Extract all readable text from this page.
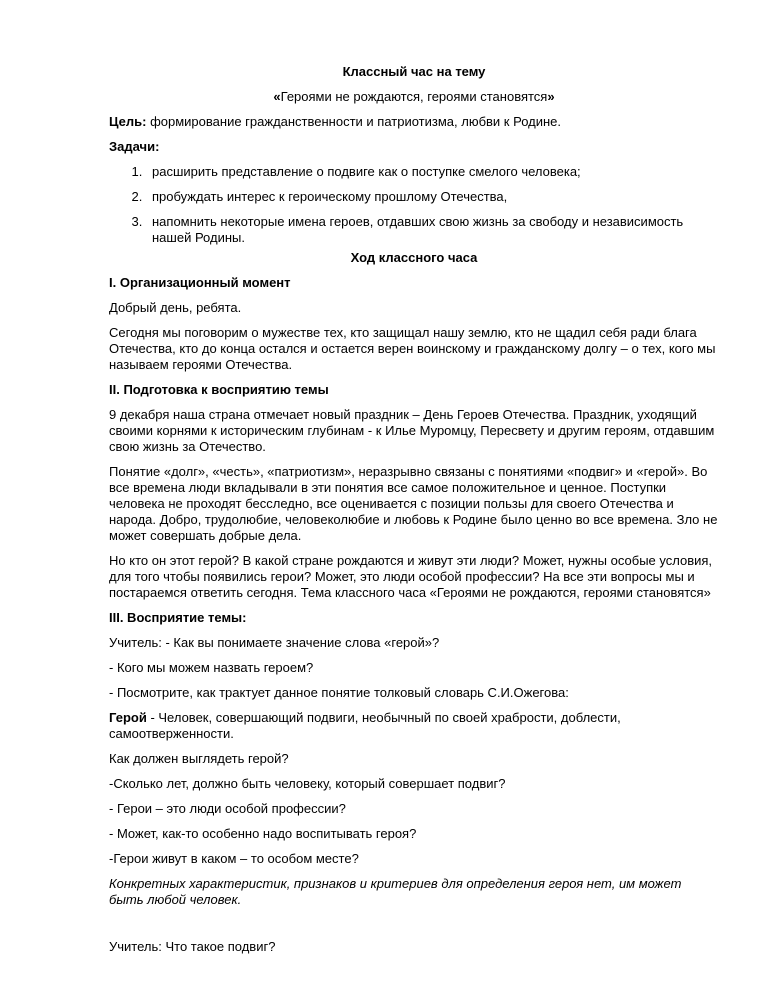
Классный час на тему

«Героями не рождаются, героями становятся»

Цель: формирование гражданственности и патриотизма, любви к Родине.

Задачи:

1. расширить представление о подвиге как о поступке смелого человека;
2. пробуждать интерес к героическому прошлому Отечества,
3. напомнить некоторые имена героев, отдавших свою жизнь за свободу и независимость нашей Родины.

Ход классного часа

I. Организационный момент

Добрый день, ребята.

Сегодня мы поговорим о мужестве тех, кто защищал нашу землю, кто не щадил себя ради блага Отечества, кто до конца остался и остается верен воинскому и гражданскому долгу – о тех, кого мы называем героями Отечества.

II. Подготовка к восприятию темы

9 декабря наша страна отмечает новый праздник – День Героев Отечества. Праздник, уходящий своими корнями к историческим глубинам - к Илье Муромцу, Пересвету и другим героям, отдавшим свою жизнь за Отечество.

Понятие «долг», «честь», «патриотизм», неразрывно связаны с понятиями «подвиг» и «герой». Во все времена люди вкладывали в эти понятия все самое положительное и ценное. Поступки человека не проходят бесследно, все оценивается с позиции пользы для своего Отечества и народа. Добро, трудолюбие, человеколюбие и любовь к Родине было ценно во все времена. Зло не может совершать добрые дела.

Но кто он этот герой? В какой стране рождаются и живут эти люди? Может, нужны особые условия, для того чтобы появились герои? Может, это люди особой профессии? На все эти вопросы мы и постараемся ответить сегодня. Тема классного часа «Героями не рождаются, героями становятся»

III. Восприятие темы:

Учитель: - Как вы понимаете значение слова «герой»?

- Кого мы можем назвать героем?

- Посмотрите, как трактует данное понятие толковый словарь С.И.Ожегова:

Герой - Человек, совершающий подвиги, необычный по своей храбрости, доблести, самоотверженности.

Как должен выглядеть герой?

-Сколько лет, должно быть человеку, который совершает подвиг?

- Герои – это люди особой профессии?

- Может, как-то особенно надо воспитывать героя?

-Герои живут в каком – то особом месте?

Конкретных характеристик, признаков и критериев для определения героя нет, им может быть любой человек.

Учитель: Что такое подвиг?
